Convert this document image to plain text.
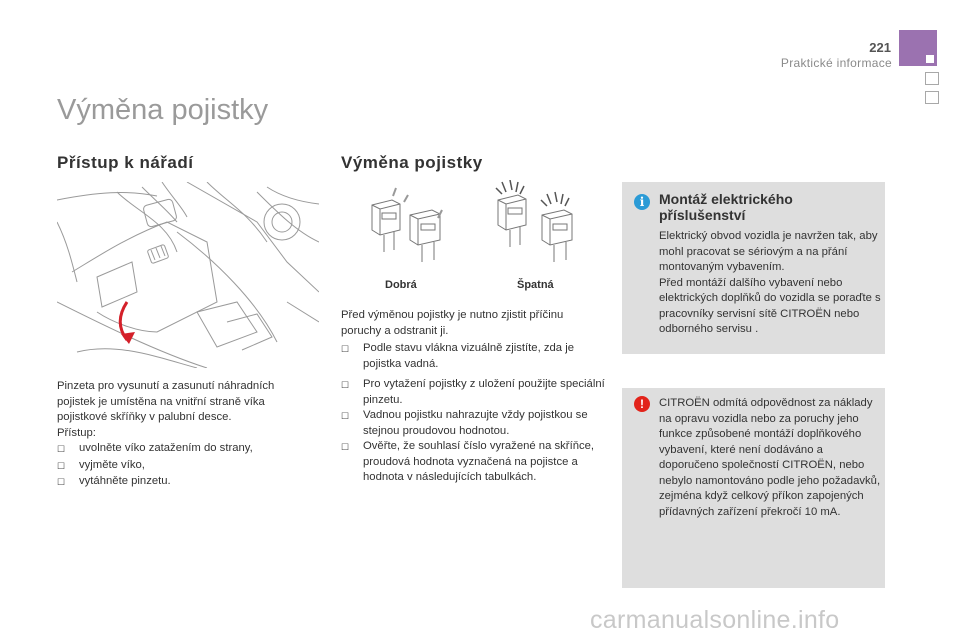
221
Praktické informace
Výměna pojistky
Přístup k nářadí	Výměna pojistky
Dobrá	Špatná

Pinzeta pro vysunutí a zasunutí náhradních pojistek je umístěna na vnitřní straně víka pojistkové skříňky v palubní desce.

Přístup:

☐	uvolněte víko zatažením do strany,
☐	vyjměte víko,
☐	vytáhněte pinzetu.
Před výměnou pojistky je nutno zjistit příčinu poruchy a odstranit ji.
☐	Podle stavu vlákna vizuálně zjistíte, zda je pojistka vadná.
☐	Pro vytažení pojistky z uložení použijte speciální pinzetu.
☐	Vadnou pojistku nahrazujte vždy pojistkou se stejnou proudovou hodnotou.
☐	Ověřte, že souhlasí číslo vyražené na skříňce, proudová hodnota vyznačená na pojistce a hodnota v následujících tabulkách.
i	Montáž elektrického příslušenství

Elektrický obvod vozidla je navržen tak, aby mohl pracovat se sériovým a na přání montovaným vybavením.

Před montáží dalšího vybavení nebo elektrických doplňků do vozidla se poraďte s pracovníky servisní sítě CITROËN nebo odborného servisu .

!	CITROËN odmítá odpovědnost za náklady na opravu vozidla nebo za poruchy jeho funkce způsobené montáží doplňkového vybavení, které není dodáváno a doporučeno společností CITROËN, nebo nebylo namontováno podle jeho požadavků, zejména když celkový příkon zapojených přídavných zařízení překročí 10 mA.
carmanualsonline.info
